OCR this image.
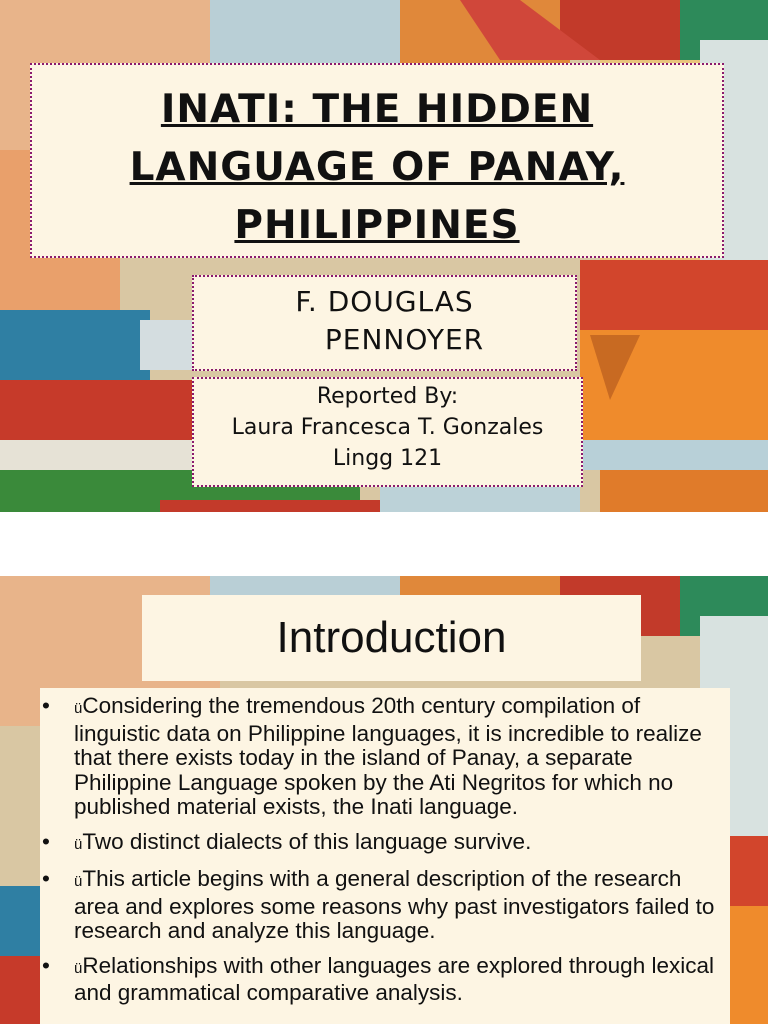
INATI: THE HIDDEN
LANGUAGE OF PANAY,
PHILIPPINES
F. DOUGLAS
PENNOYER
Reported By:
Laura Francesca T. Gonzales
Lingg 121
Introduction
• üConsidering the tremendous 20th century compilation of linguistic data on Philippine languages, it is incredible to realize that there exists today in the island of Panay, a separate Philippine Language spoken by the Ati Negritos for which no published material exists, the Inati language.
• üTwo distinct dialects of this language survive.
• üThis article begins with a general description of the research area and explores some reasons why past investigators failed to research and analyze this language.
• üRelationships with other languages are explored through lexical and grammatical comparative analysis.
